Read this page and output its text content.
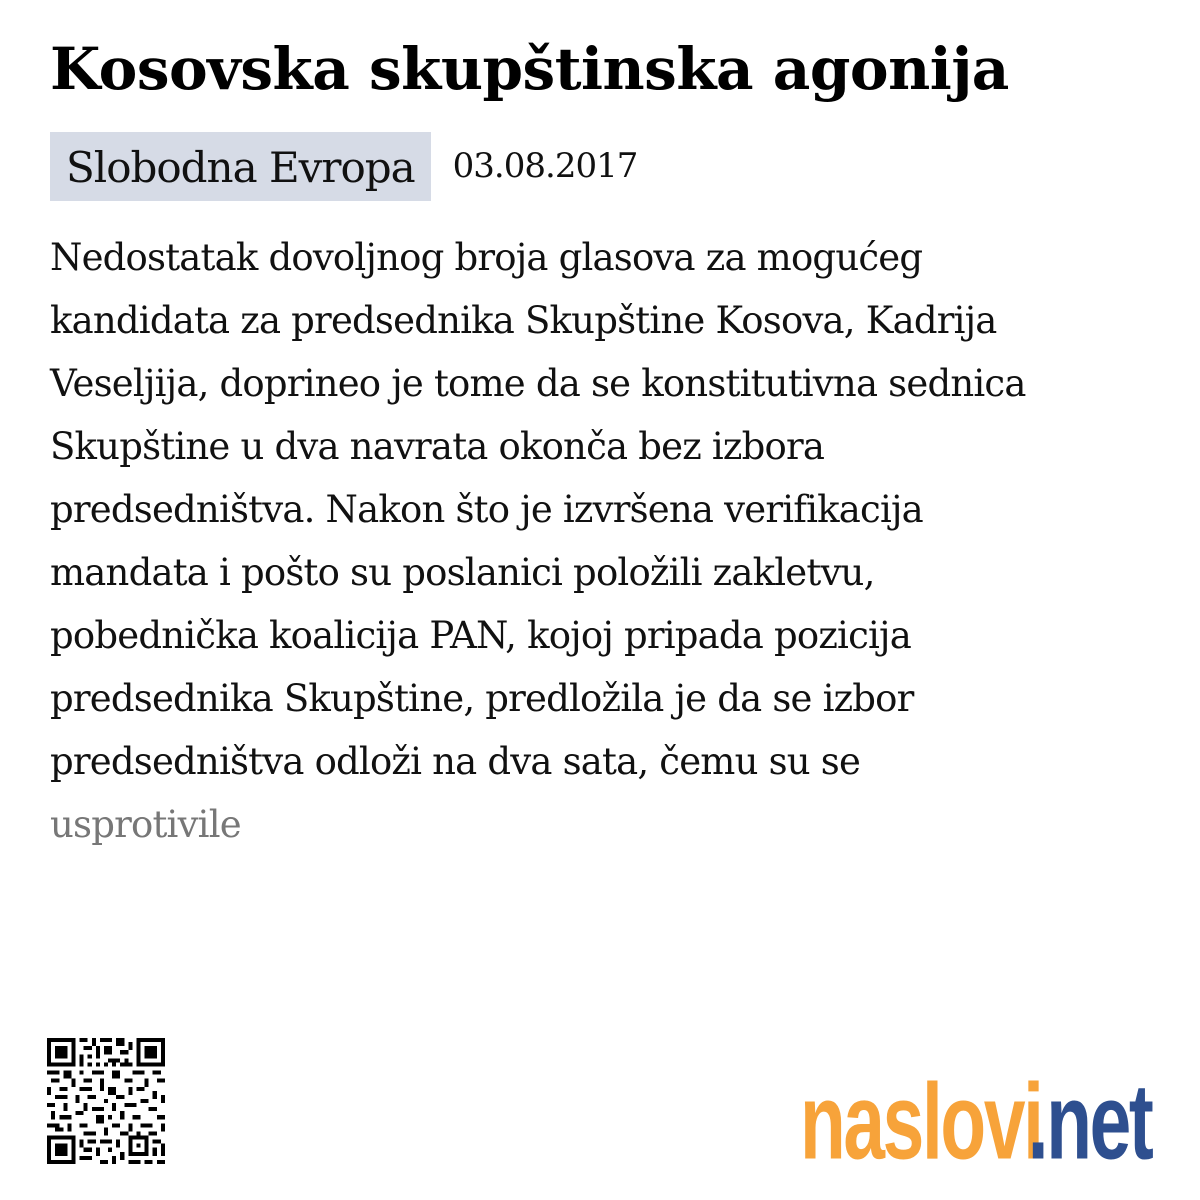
Kosovska skupštinska agonija
Slobodna Evropa	03.08.2017
Nedostatak dovoljnog broja glasova za mogućeg
kandidata za predsednika Skupštine Kosova, Kadrija
Veseljija, doprineo je tome da se konstitutivna sednica
Skupštine u dva navrata okonča bez izbora
predsedništva. Nakon što je izvršena verifikacija
mandata i pošto su poslanici položili zakletvu,
pobednička koalicija PAN, kojoj pripada pozicija
predsednika Skupštine, predložila je da se izbor
predsedništva odloži na dva sata, čemu su se
usprotivile
naslovi
.net
